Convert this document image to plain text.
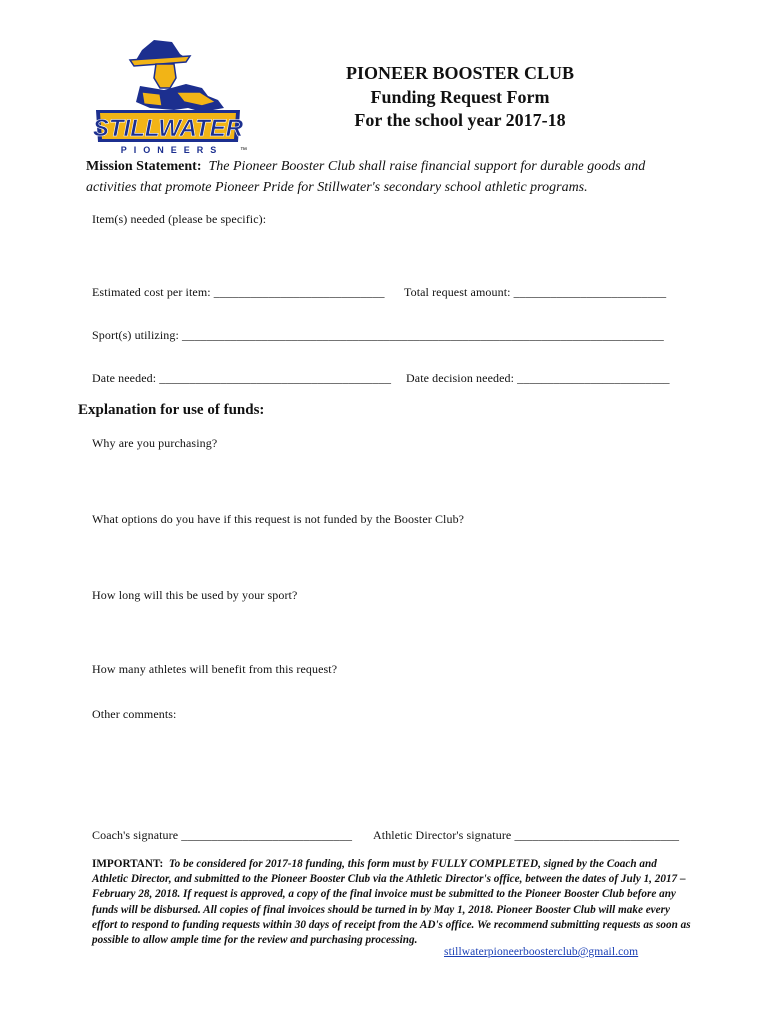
STILLWATER
PIONEERS ™
PIONEER BOOSTER CLUB
Funding Request Form
For the school year 2017-18
Mission Statement: The Pioneer Booster Club shall raise financial support for durable goods and activities that promote Pioneer Pride for Stillwater's secondary school athletic programs.
Item(s) needed (please be specific):
Estimated cost per item: ____________________________ Total request amount: _________________________
Sport(s) utilizing: _______________________________________________________________________________
Date needed: ______________________________________ Date decision needed: _________________________
Explanation for use of funds:
Why are you purchasing?
What options do you have if this request is not funded by the Booster Club?
How long will this be used by your sport?
How many athletes will benefit from this request?
Other comments:
Coach's signature ____________________________ Athletic Director's signature ___________________________
IMPORTANT: To be considered for 2017-18 funding, this form must by FULLY COMPLETED, signed by the Coach and Athletic Director, and submitted to the Pioneer Booster Club via the Athletic Director's office, between the dates of July 1, 2017 – February 28, 2018. If request is approved, a copy of the final invoice must be submitted to the Pioneer Booster Club before any funds will be disbursed. All copies of final invoices should be turned in by May 1, 2018. Pioneer Booster Club will make every effort to respond to funding requests within 30 days of receipt from the AD's office. We recommend submitting requests as soon as possible to allow ample time for the review and purchasing processing.
stillwaterpioneerboosterclub@gmail.com
